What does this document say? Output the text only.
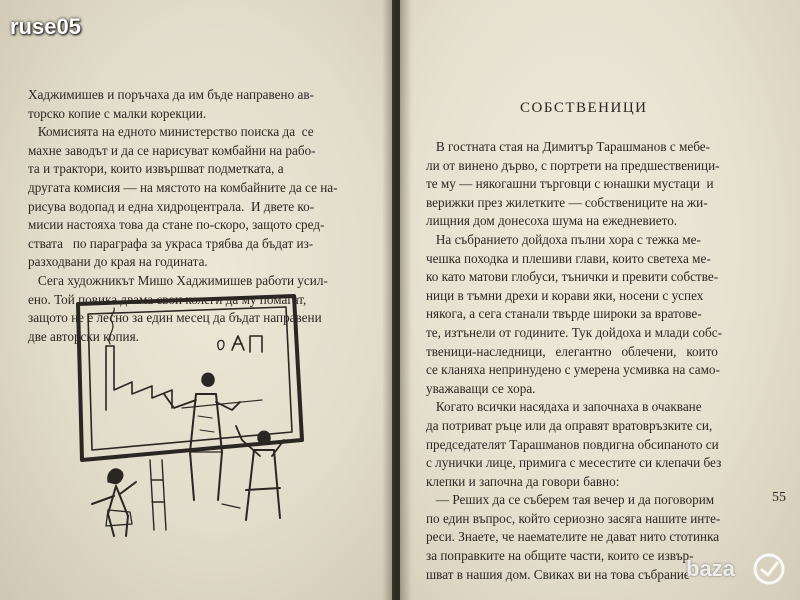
Хаджимишев и поръчаха да им бъде направено ав-
торско копие с малки корекции.
Комисията на едното министерство поиска да  се
махне заводът и да се нарисуват комбайни на рабо-
та и трактори, които извършват подметката, а
другата комисия — на мястото на комбайните да се на-
рисува водопад и една хидроцентрала.  И двете ко-
мисии настояха това да стане по-скоро, защото сред-
ствата   по параграфа за украса трябва да бъдат из-
разходвани до края на годината.
Сега художникът Мишо Хаджимишев работи усил-
ено. Той повика двама свои колеги да му помагат,
защото не е лесно за един месец да бъдат направени
две авторски копия.
СОБСТВЕНИЦИ
В гостната стая на Димитър Тарашманов с мебе-
ли от виненo дърво, с портрети на предшественици-
те му — някогашни търговци с юнашки мустаци  и
верижки през жилетките — собствениците на жи-
лищния дом донесоха шума на ежедневието.
На събранието дойдоха пълни хора с тежка ме-
чешка походка и плешиви глави, които светеха ме-
ко като матови глобуси, тънички и превити собстве-
ници в тъмни дрехи и корави яки, носени с успех
някога, а сега станали твърде широки за вратове-
те, изтънели от годините. Тук дойдоха и млади собс-
твеници-наследници,   елегантно   облечени,   които
се кланяха непринудено с умерена усмивка на само-
уважаващи се хора.
Когато всички насядаха и започнаха в очакване
да потриват ръце или да оправят вратовръзките си,
председателят Тарашманов повдигна обсипаното си
с лунички лице, примига с месестите си клепачи без
клепки и започна да говори бавно:
— Реших да се съберем тая вечер и да поговорим
по един въпрос, който сериозно засяга нашите инте-
реси. Знаете, че наемателите не дават нито стотинка
за поправките на общите части, които се извър-
шват в нашия дом. Свиках ви на това събрание
55
ruse05
baza
